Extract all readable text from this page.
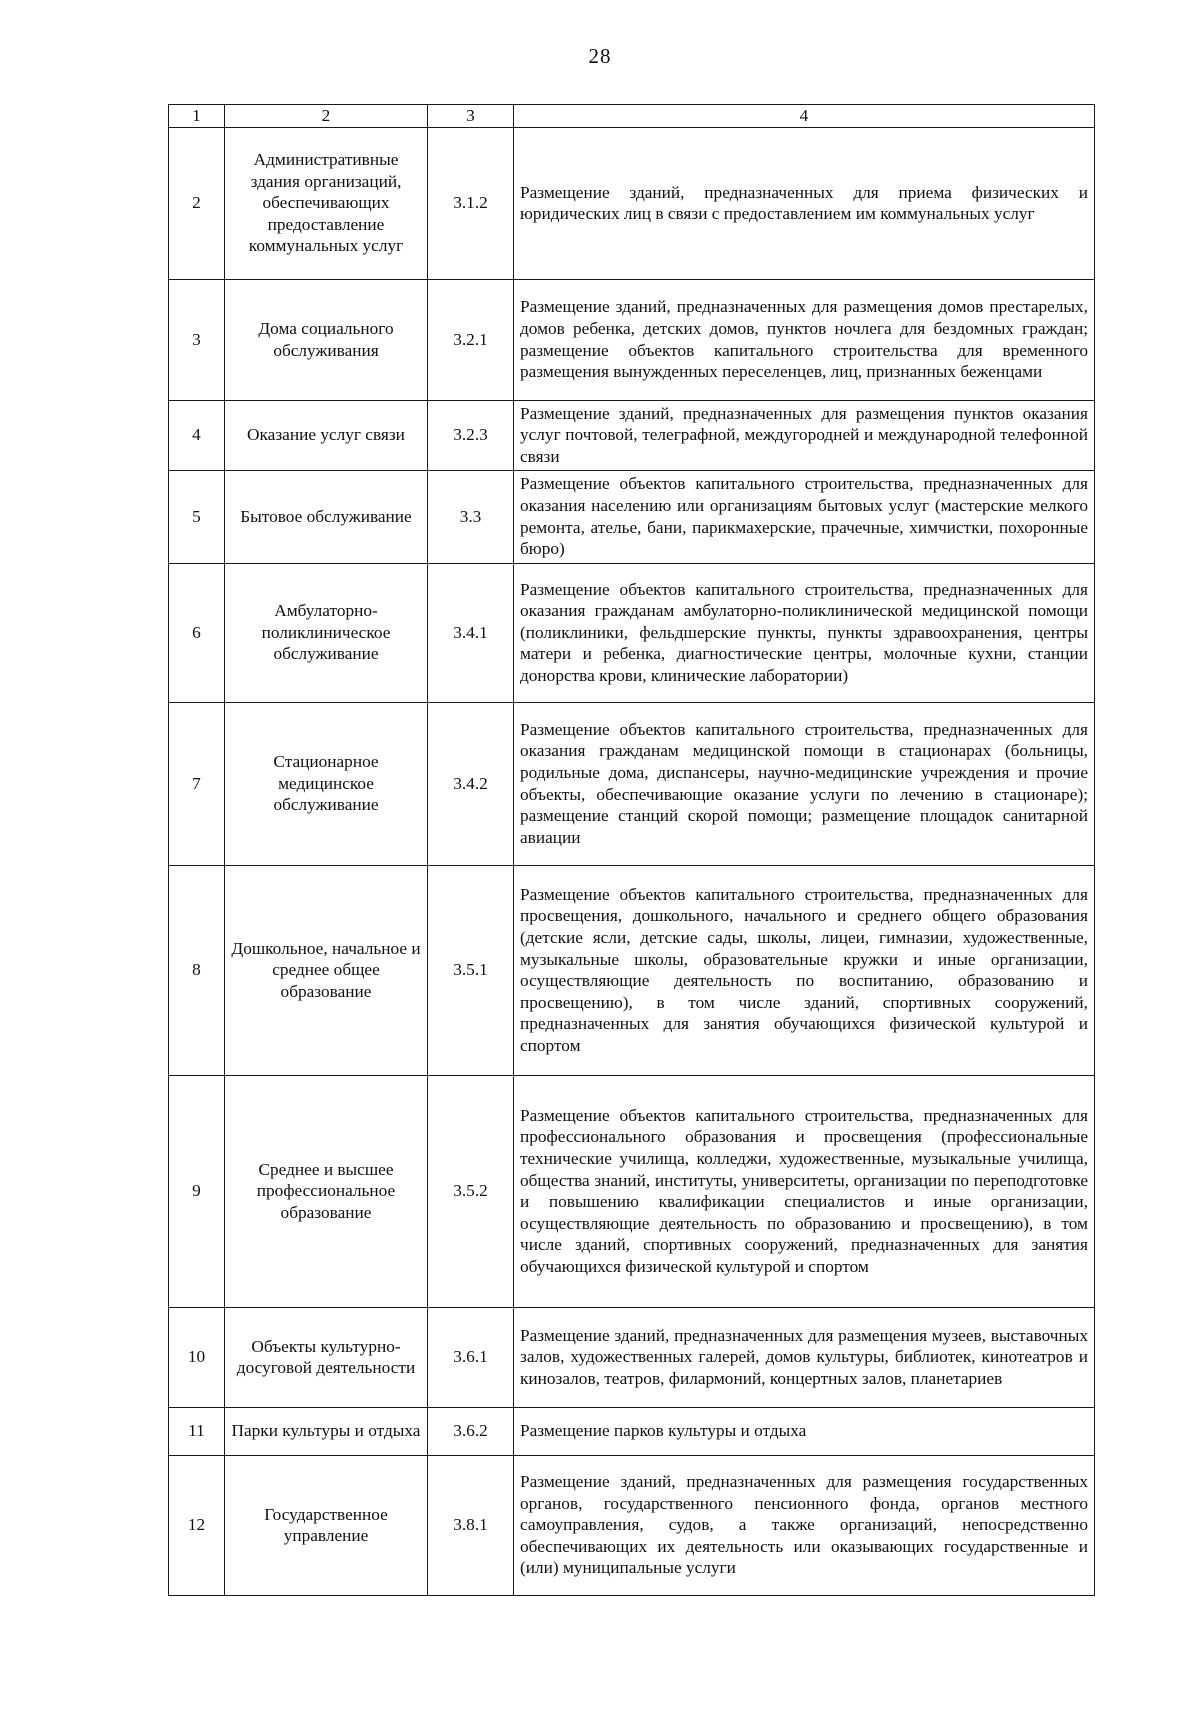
28
1	2	3	4
2	Административные здания организаций, обеспечивающих предоставление коммунальных услуг	3.1.2	Размещение зданий, предназначенных для приема физических и юридических лиц в связи с предоставлением им коммунальных услуг
3	Дома социального обслуживания	3.2.1	Размещение зданий, предназначенных для размещения домов престарелых, домов ребенка, детских домов, пунктов ночлега для бездомных граждан; размещение объектов капитального строительства для временного размещения вынужденных переселенцев, лиц, признанных беженцами
4	Оказание услуг связи	3.2.3	Размещение зданий, предназначенных для размещения пунктов оказания услуг почтовой, телеграфной, междугородней и международной телефонной связи
5	Бытовое обслуживание	3.3	Размещение объектов капитального строительства, предназначенных для оказания населению или организациям бытовых услуг (мастерские мелкого ремонта, ателье, бани, парикмахерские, прачечные, химчистки, похоронные бюро)
6	Амбулаторно-поликлиническое обслуживание	3.4.1	Размещение объектов капитального строительства, предназначенных для оказания гражданам амбулаторно-поликлинической медицинской помощи (поликлиники, фельдшерские пункты, пункты здравоохранения, центры матери и ребенка, диагностические центры, молочные кухни, станции донорства крови, клинические лаборатории)
7	Стационарное медицинское обслуживание	3.4.2	Размещение объектов капитального строительства, предназначенных для оказания гражданам медицинской помощи в стационарах (больницы, родильные дома, диспансеры, научно-медицинские учреждения и прочие объекты, обеспечивающие оказание услуги по лечению в стационаре); размещение станций скорой помощи; размещение площадок санитарной авиации
8	Дошкольное, начальное и среднее общее образование	3.5.1	Размещение объектов капитального строительства, предназначенных для просвещения, дошкольного, начального и среднего общего образования (детские ясли, детские сады, школы, лицеи, гимназии, художественные, музыкальные школы, образовательные кружки и иные организации, осуществляющие деятельность по воспитанию, образованию и просвещению), в том числе зданий, спортивных сооружений, предназначенных для занятия обучающихся физической культурой и спортом
9	Среднее и высшее профессиональное образование	3.5.2	Размещение объектов капитального строительства, предназначенных для профессионального образования и просвещения (профессиональные технические училища, колледжи, художественные, музыкальные училища, общества знаний, институты, университеты, организации по переподготовке и повышению квалификации специалистов и иные организации, осуществляющие деятельность по образованию и просвещению), в том числе зданий, спортивных сооружений, предназначенных для занятия обучающихся физической культурой и спортом
10	Объекты культурно-досуговой деятельности	3.6.1	Размещение зданий, предназначенных для размещения музеев, выставочных залов, художественных галерей, домов культуры, библиотек, кинотеатров и кинозалов, театров, филармоний, концертных залов, планетариев
11	Парки культуры и отдыха	3.6.2	Размещение парков культуры и отдыха
12	Государственное управление	3.8.1	Размещение зданий, предназначенных для размещения государственных органов, государственного пенсионного фонда, органов местного самоуправления, судов, а также организаций, непосредственно обеспечивающих их деятельность или оказывающих государственные и (или) муниципальные услуги
